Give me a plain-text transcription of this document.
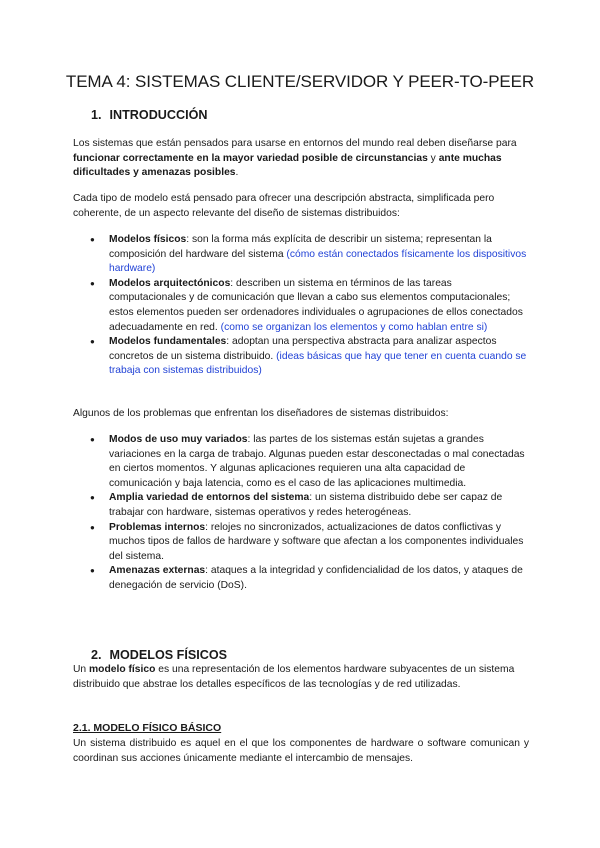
TEMA 4: SISTEMAS CLIENTE/SERVIDOR Y PEER-TO-PEER
1. INTRODUCCIÓN

Los sistemas que están pensados para usarse en entornos del mundo real deben diseñarse para funcionar correctamente en la mayor variedad posible de circunstancias y ante muchas dificultades y amenazas posibles.

Cada tipo de modelo está pensado para ofrecer una descripción abstracta, simplificada pero coherente, de un aspecto relevante del diseño de sistemas distribuidos:

● Modelos físicos: son la forma más explícita de describir un sistema; representan la composición del hardware del sistema (cómo están conectados físicamente los dispositivos hardware)
● Modelos arquitectónicos: describen un sistema en términos de las tareas computacionales y de comunicación que llevan a cabo sus elementos computacionales; estos elementos pueden ser ordenadores individuales o agrupaciones de ellos conectados adecuadamente en red. (como se organizan los elementos y como hablan entre si)
● Modelos fundamentales: adoptan una perspectiva abstracta para analizar aspectos concretos de un sistema distribuido. (ideas básicas que hay que tener en cuenta cuando se trabaja con sistemas distribuidos)

Algunos de los problemas que enfrentan los diseñadores de sistemas distribuidos:

● Modos de uso muy variados: las partes de los sistemas están sujetas a grandes variaciones en la carga de trabajo. Algunas pueden estar desconectadas o mal conectadas en ciertos momentos. Y algunas aplicaciones requieren una alta capacidad de comunicación y baja latencia, como es el caso de las aplicaciones multimedia.
● Amplia variedad de entornos del sistema: un sistema distribuido debe ser capaz de trabajar con hardware, sistemas operativos y redes heterogéneas.
● Problemas internos: relojes no sincronizados, actualizaciones de datos conflictivas y muchos tipos de fallos de hardware y software que afectan a los componentes individuales del sistema.
● Amenazas externas: ataques a la integridad y confidencialidad de los datos, y ataques de denegación de servicio (DoS).
2. MODELOS FÍSICOS

Un modelo físico es una representación de los elementos hardware subyacentes de un sistema distribuido que abstrae los detalles específicos de las tecnologías y de red utilizadas.

2.1. MODELO FÍSICO BÁSICO

Un sistema distribuido es aquel en el que los componentes de hardware o software comunican y coordinan sus acciones únicamente mediante el intercambio de mensajes.
